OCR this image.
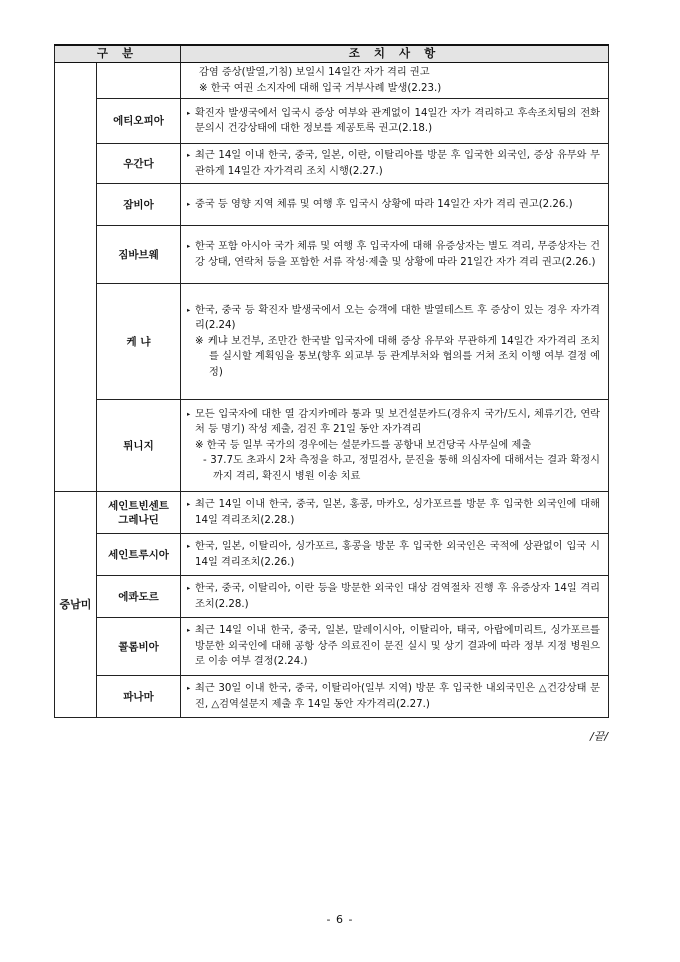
구 분		조 치 사 항

		감염 증상(발열,기침) 보일시 14일간 자가 격리 권고
※ 한국 여권 소지자에 대해 입국 거부사례 발생(2.23.)

	에티오피아	▸ 확진자 발생국에서 입국시 증상 여부와 관계없이 14일간 자가 격리하고 후속조치팀의 전화 문의시 건강상태에 대한 정보를 제공토록 권고(2.18.)

	우간다	▸ 최근 14일 이내 한국, 중국, 일본, 이란, 이탈리아를 방문 후 입국한 외국인, 증상 유무와 무관하게 14일간 자가격리 조치 시행(2.27.)

	잠비아	▸ 중국 등 영향 지역 체류 및 여행 후 입국시 상황에 따라 14일간 자가 격리 권고(2.26.)

	짐바브웨	▸ 한국 포함 아시아 국가 체류 및 여행 후 입국자에 대해 유증상자는 별도 격리, 무증상자는 건강 상태, 연락처 등을 포함한 서류 작성·제출 및 상황에 따라 21일간 자가 격리 권고(2.26.)

	케 냐	▸ 한국, 중국 등 확진자 발생국에서 오는 승객에 대한 발열테스트 후 증상이 있는 경우 자가격리(2.24)
※ 케냐 보건부, 조만간 한국발 입국자에 대해 증상 유무와 무관하게 14일간 자가격리 조치를 실시할 계획임을 통보(향후 외교부 등 관계부처와 협의를 거쳐 조치 이행 여부 결정 예정)

	튀니지	▸ 모든 입국자에 대한 열 감지카메라 통과 및 보건설문카드(경유지 국가/도시, 체류기간, 연락처 등 명기) 작성 제출, 검진 후 21일 동안 자가격리
※ 한국 등 일부 국가의 경우에는 설문카드를 공항내 보건당국 사무실에 제출
- 37.7도 초과시 2차 측정을 하고, 정밀검사, 문진을 통해 의심자에 대해서는 결과 확정시까지 격리, 확진시 병원 이송 치료

중남미	세인트빈센트
그레나딘	▸ 최근 14일 이내 한국, 중국, 일본, 홍콩, 마카오, 싱가포르를 방문 후 입국한 외국인에 대해 14일 격리조치(2.28.)

	세인트루시아	▸ 한국, 일본, 이탈리아, 싱가포르, 홍콩을 방문 후 입국한 외국인은 국적에 상관없이 입국 시 14일 격리조치(2.26.)

	에콰도르	▸ 한국, 중국, 이탈리아, 이란 등을 방문한 외국인 대상 검역절차 진행 후 유증상자 14일 격리조치(2.28.)

	콜롬비아	▸ 최근 14일 이내 한국, 중국, 일본, 말레이시아, 이탈리아, 태국, 아랍에미리트, 싱가포르를 방문한 외국인에 대해 공항 상주 의료진이 문진 실시 및 상기 결과에 따라 정부 지정 병원으로 이송 여부 결정(2.24.)

	파나마	▸ 최근 30일 이내 한국, 중국, 이탈리아(일부 지역) 방문 후 입국한 내외국민은 △건강상태 문진, △검역설문지 제출 후 14일 동안 자가격리(2.27.)
/끝/
- 6 -
